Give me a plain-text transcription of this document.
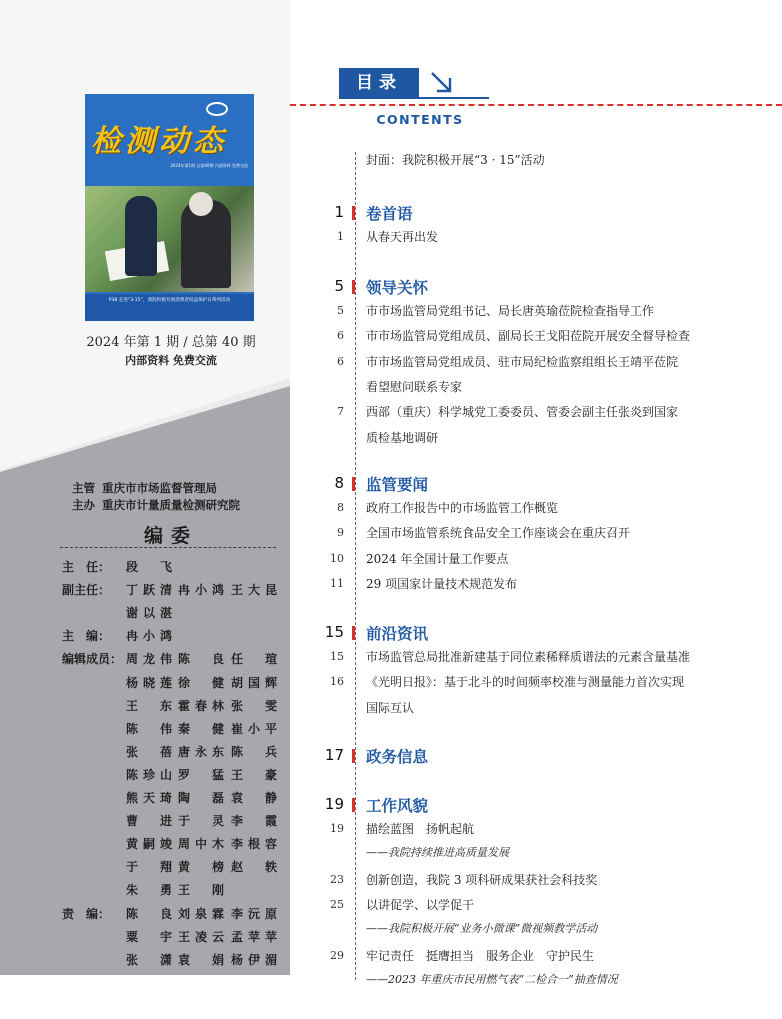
检测动态
2024年第1期 总第40期 内部资料 免费交流
P38 走进“3·15”，我院积极开展消费者权益保护日系列活动
2024 年第 1 期 / 总第 40 期
内部资料 免费交流
主管 重庆市市场监督管理局
主办 重庆市计量质量检测研究院
编委
主　任：	段　飞
副主任：	丁跃清 冉小鸿 王大昆
谢以湛
主　编：	冉小鸿
编辑成员： 周龙伟 陈　良 任　瑄
杨晓莲 徐　健 胡国辉
王　东 霍春林 张　雯
陈　伟 秦　健 崔小平
张　蓓 唐永东 陈　兵
陈珍山 罗　猛 王　豪
熊天琦 陶　磊 袁　静
曹　进 于　灵 李　霞
黄嗣竣 周中木 李根容
于　翔 黄　榜 赵　轶
朱　勇 王　刚
责　编：	陈　良 刘泉霖 李沅原
粟　宇 王凌云 孟苹苹
张　潇 袁　娟 杨伊湄
目录
CONTENTS
封面：我院积极开展“3 · 15”活动
1 卷首语
1 从春天再出发
5 领导关怀
5 市市场监管局党组书记、局长唐英瑜莅院检查指导工作
6 市市场监管局党组成员、副局长王戈阳莅院开展安全督导检查
6 市市场监管局党组成员、驻市局纪检监察组组长王靖平莅院
看望慰问联系专家
7 西部（重庆）科学城党工委委员、管委会副主任张炎到国家
质检基地调研
8 监管要闻
8 政府工作报告中的市场监管工作概览
9 全国市场监管系统食品安全工作座谈会在重庆召开
10 2024 年全国计量工作要点
11 29 项国家计量技术规范发布
15 前沿资讯
15 市场监管总局批准新建基于同位素稀释质谱法的元素含量基准
16 《光明日报》：基于北斗的时间频率校准与测量能力首次实现
国际互认
17 政务信息
19 工作风貌
19 描绘蓝图　扬帆起航
——我院持续推进高质量发展
23 创新创造，我院 3 项科研成果获社会科技奖
25 以讲促学、以学促干
——我院积极开展“业务小微课”微视频教学活动
29 牢记责任　挺膺担当　服务企业　守护民生
——2023 年重庆市民用燃气表“二检合一”抽查情况
